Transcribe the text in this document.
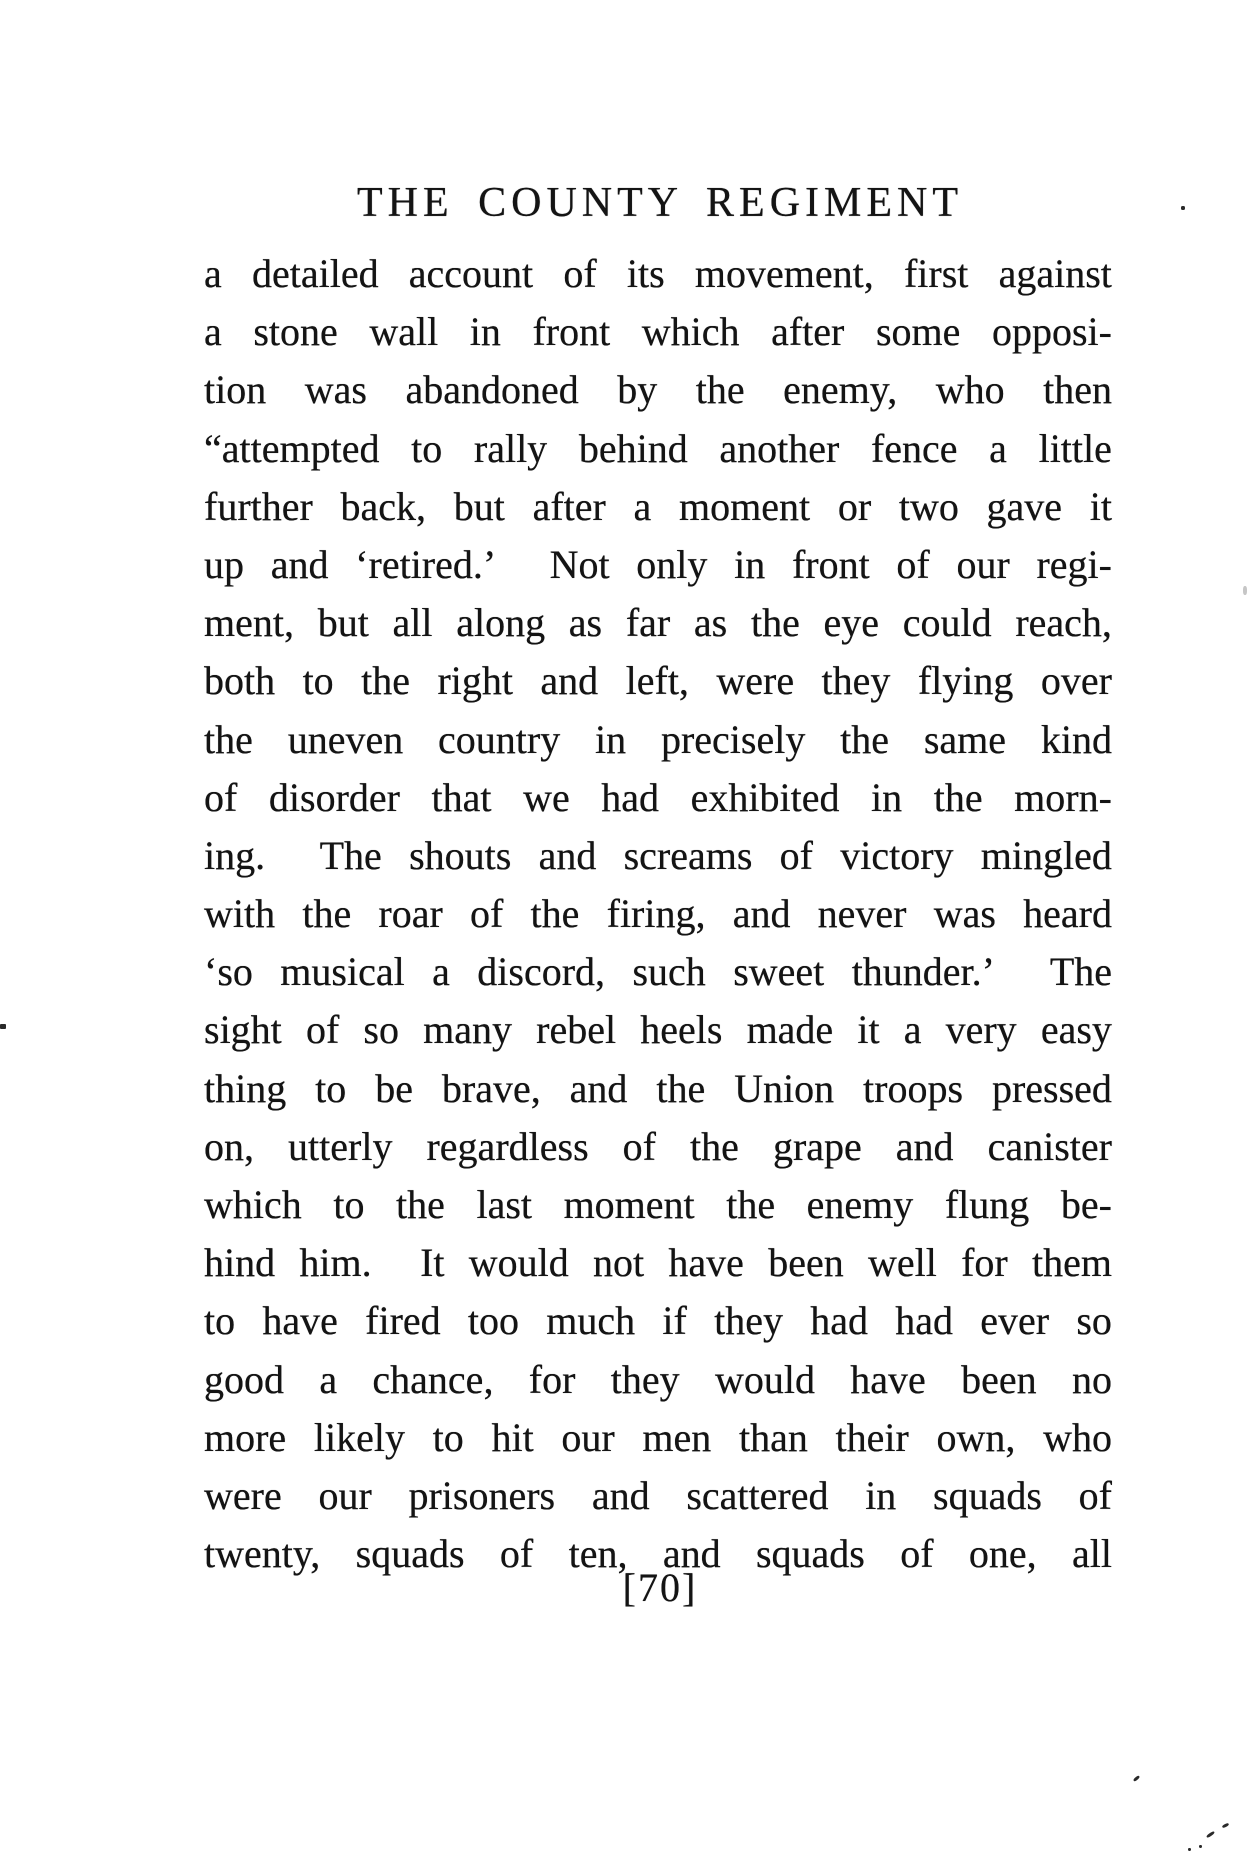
THE COUNTY REGIMENT
a detailed account of its movement, first against
a stone wall in front which after some opposi-
tion was abandoned by the enemy, who then
“attempted to rally behind another fence a little
further back, but after a moment or two gave it
up and ‘retired.’ Not only in front of our regi-
ment, but all along as far as the eye could reach,
both to the right and left, were they flying over
the uneven country in precisely the same kind
of disorder that we had exhibited in the morn-
ing. The shouts and screams of victory mingled
with the roar of the firing, and never was heard
‘so musical a discord, such sweet thunder.’ The
sight of so many rebel heels made it a very easy
thing to be brave, and the Union troops pressed
on, utterly regardless of the grape and canister
which to the last moment the enemy flung be-
hind him. It would not have been well for them
to have fired too much if they had had ever so
good a chance, for they would have been no
more likely to hit our men than their own, who
were our prisoners and scattered in squads of
twenty, squads of ten, and squads of one, all
[70]
